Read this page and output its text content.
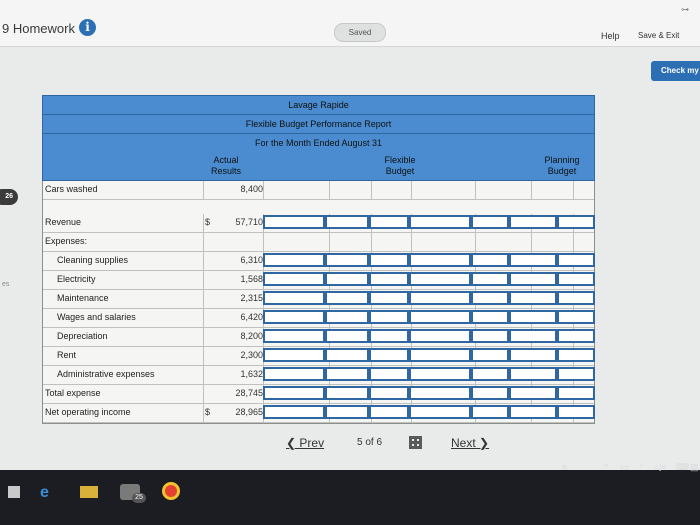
9 Homework i	Saved	Help Save & Exit
⊶
Check my
26
es
Lavage Rapide
Flexible Budget Performance Report
For the Month Ended August 31
Actual Results
Flexible Budget
Planning Budget
Cars washed	8,400
Revenue	$	57,710
Expenses:
Cleaning supplies	6,310
Electricity	1,568
Maintenance	2,315
Wages and salaries	6,420
Depreciation	8,200
Rent	2,300
Administrative expenses	1,632
Total expense	28,745
Net operating income	$	28,965
❮ Prev	5 of 6	Next ❯
e	25
ጸ	^ ▭ ◜ ◁× ⌨ ▤
